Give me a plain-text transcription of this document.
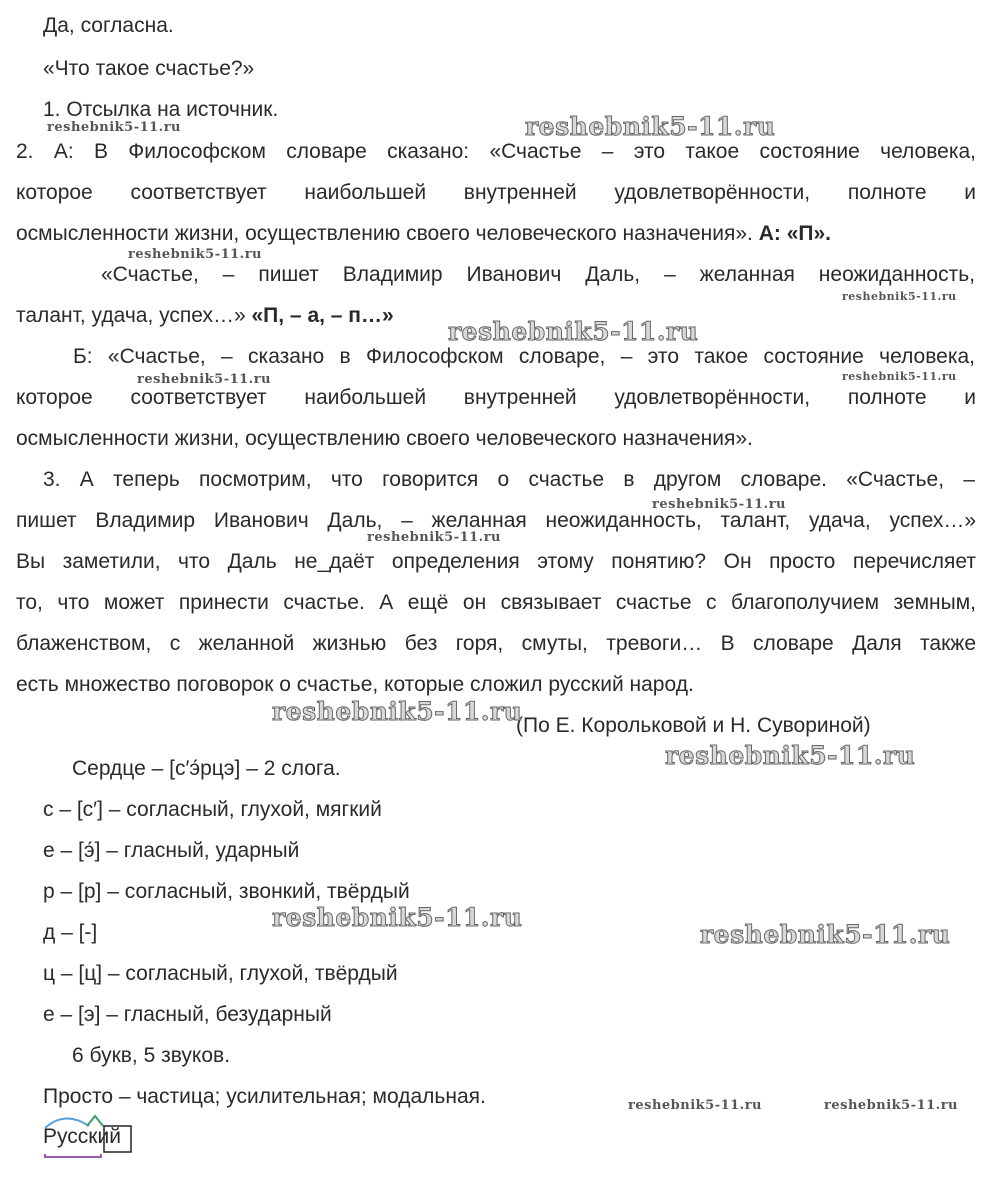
Да, согласна.
«Что такое счастье?»
1. Отсылка на источник.
2. А: В Философском словаре сказано: «Счастье – это такое состояние человека,
которое соответствует наибольшей внутренней удовлетворённости, полноте и
осмысленности жизни, осуществлению своего человеческого назначения». А: «П».
«Счастье, – пишет Владимир Иванович Даль, – желанная неожиданность,
талант, удача, успех…» «П, – а, – п…»
Б: «Счастье, – сказано в Философском словаре, – это такое состояние человека,
которое соответствует наибольшей внутренней удовлетворённости, полноте и
осмысленности жизни, осуществлению своего человеческого назначения».
3. А теперь посмотрим, что говорится о счастье в другом словаре. «Счастье, –
пишет Владимир Иванович Даль, – желанная неожиданность, талант, удача, успех…»
Вы заметили, что Даль не_даёт определения этому понятию? Он просто перечисляет
то, что может принести счастье. А ещё он связывает счастье с благополучием земным,
блаженством, с желанной жизнью без горя, смуты, тревоги… В словаре Даля также
есть множество поговорок о счастье, которые сложил русский народ.
(По Е. Корольковой и Н. Сувориной)
Сердце – [с′э́рцэ] – 2 слога.
с – [с′] – согласный, глухой, мягкий
е – [э́] – гласный, ударный
р – [р] – согласный, звонкий, твёрдый
д – [-]
ц – [ц] – согласный, глухой, твёрдый
е – [э] – гласный, безударный
6 букв, 5 звуков.
Просто – частица; усилительная; модальная.
Русский
reshebnik5-11.ru	reshebnik5-11.ru
reshebnik5-11.ru
reshebnik5-11.ru
reshebnik5-11.ru
reshebnik5-11.ru	reshebnik5-11.ru
reshebnik5-11.ru
reshebnik5-11.ru
reshebnik5-11.ru
reshebnik5-11.ru
reshebnik5-11.ru
reshebnik5-11.ru
reshebnik5-11.ru	reshebnik5-11.ru
